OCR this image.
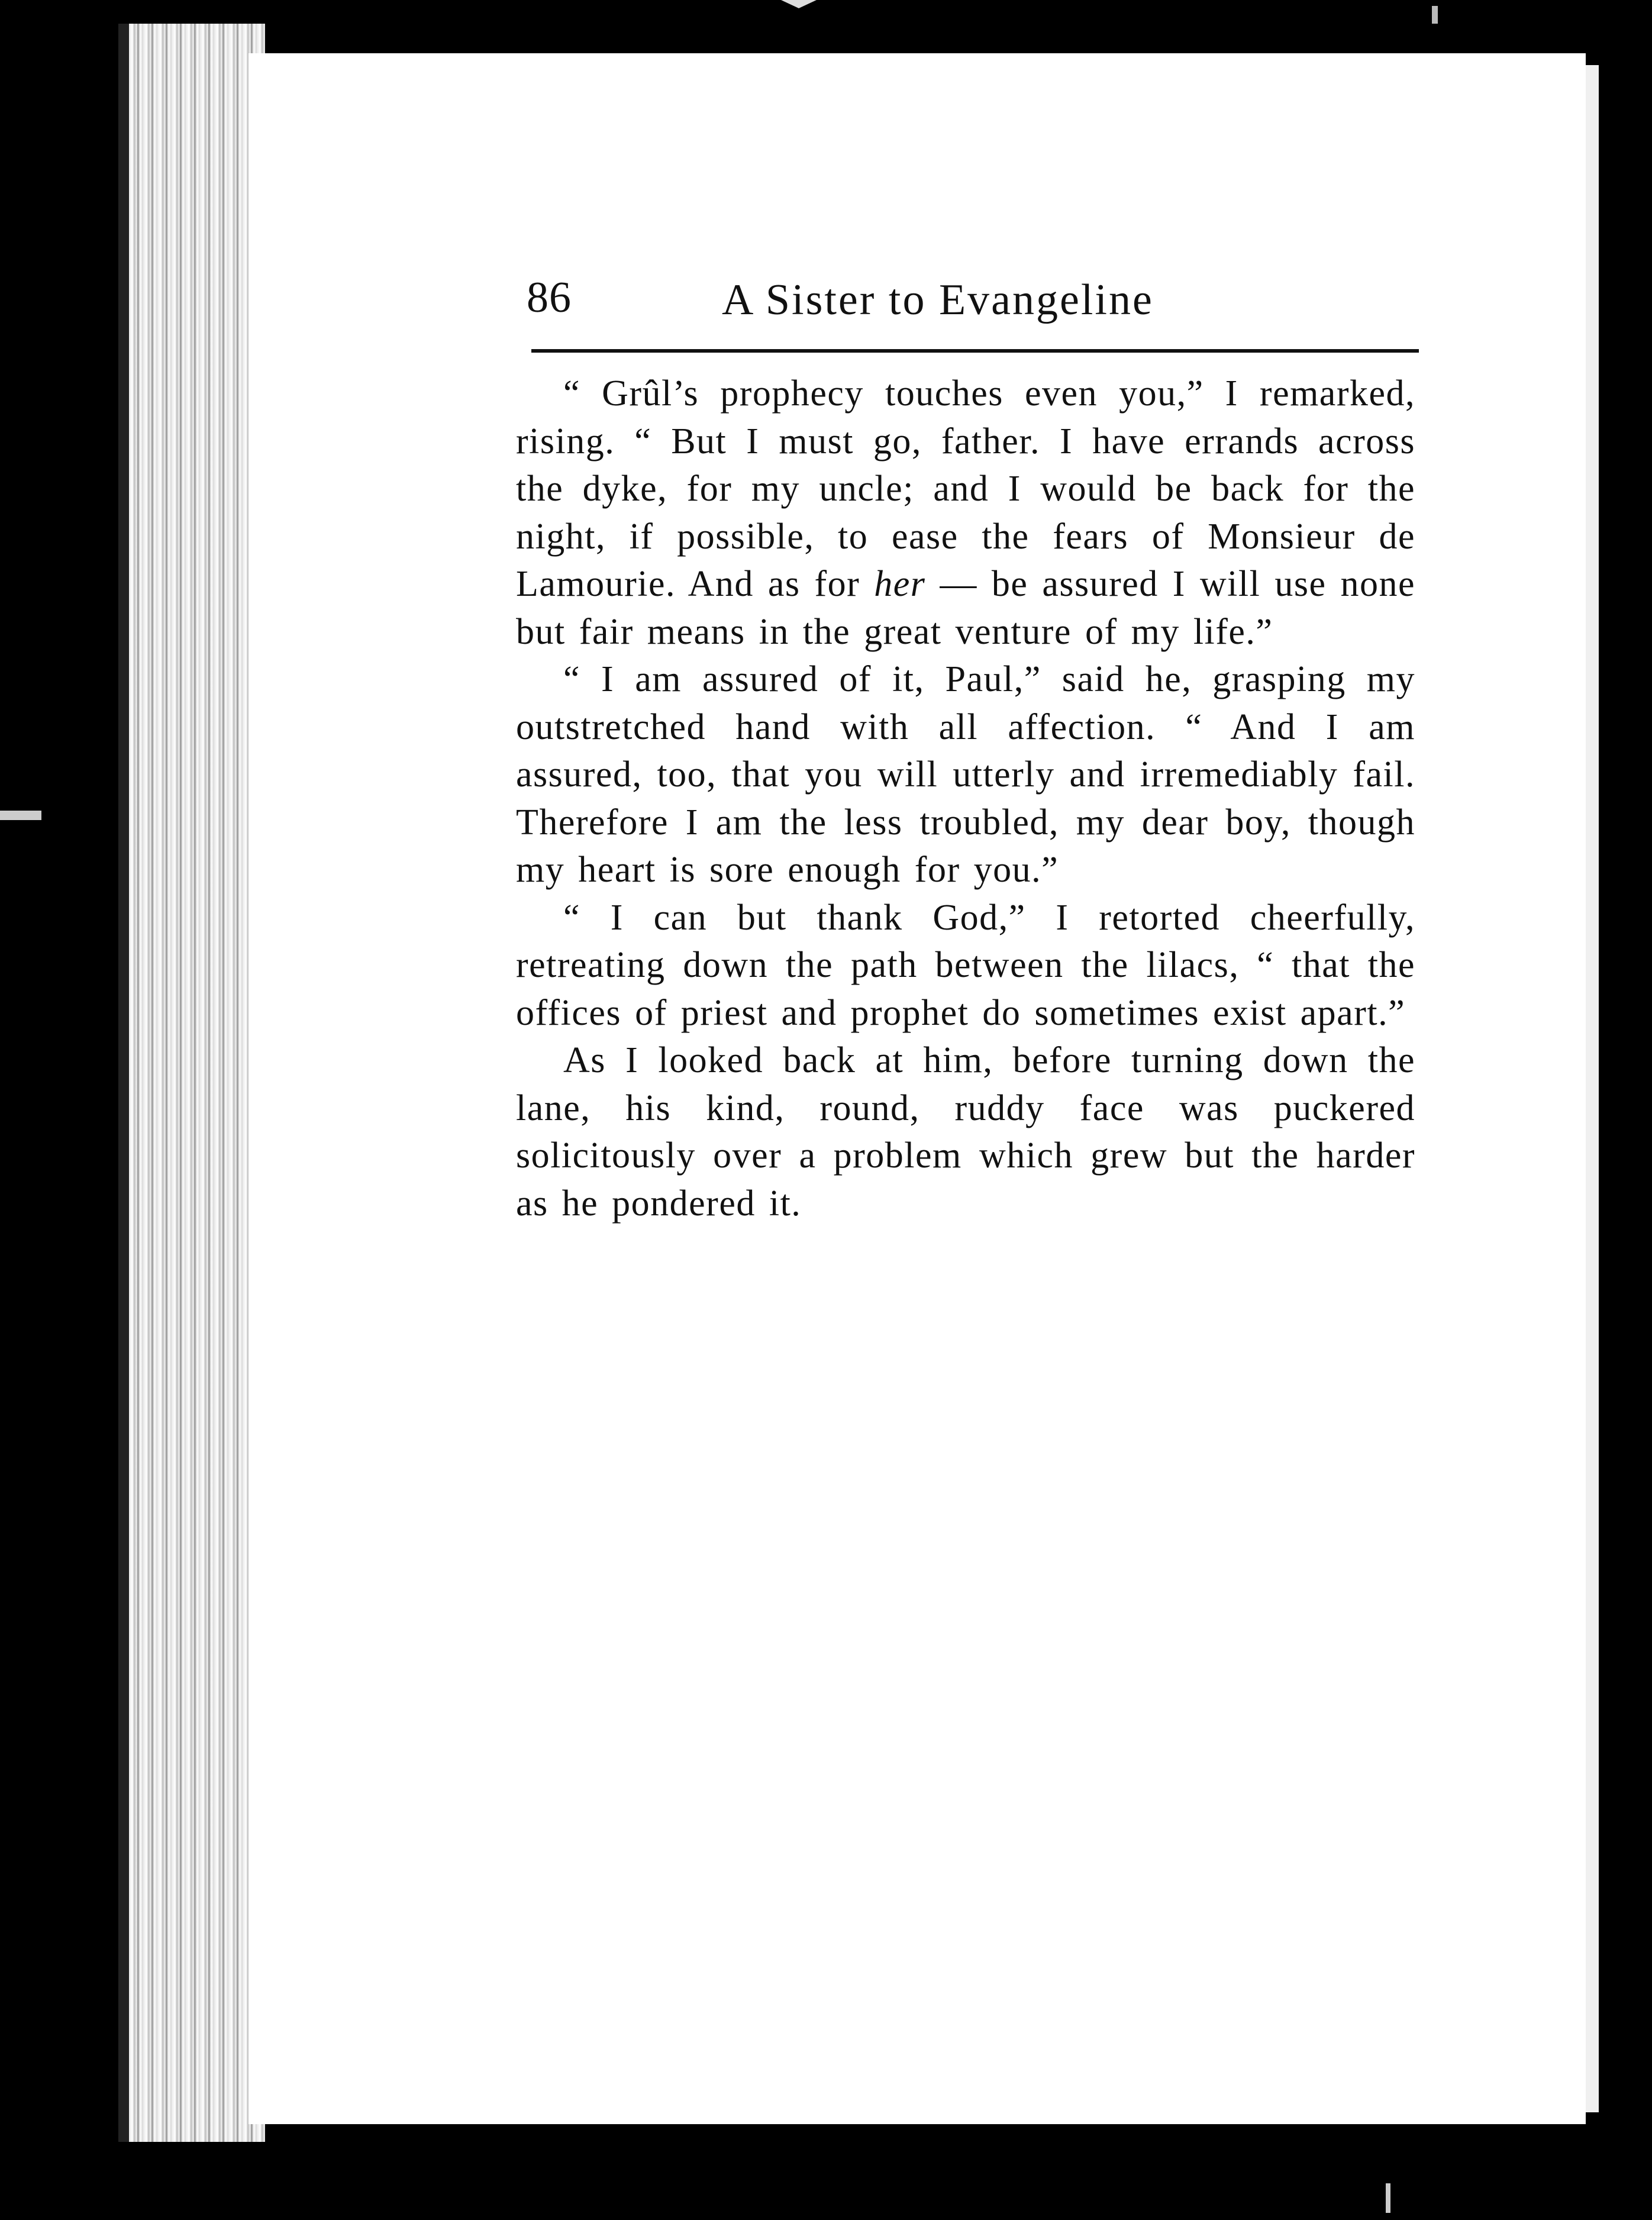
86	A Sister to Evangeline

“ Grûl’s prophecy touches even you,” I remarked, rising. “ But I must go, father. I have errands across the dyke, for my uncle; and I would be back for the night, if possible, to ease the fears of Monsieur de Lamourie. And as for her — be assured I will use none but fair means in the great venture of my life.”

“ I am assured of it, Paul,” said he, grasping my outstretched hand with all affection. “ And I am assured, too, that you will utterly and irremediably fail. Therefore I am the less troubled, my dear boy, though my heart is sore enough for you.”

“ I can but thank God,” I retorted cheerfully, retreating down the path between the lilacs, “ that the offices of priest and prophet do sometimes exist apart.”

As I looked back at him, before turning down the lane, his kind, round, ruddy face was puckered solicitously over a problem which grew but the harder as he pondered it.
